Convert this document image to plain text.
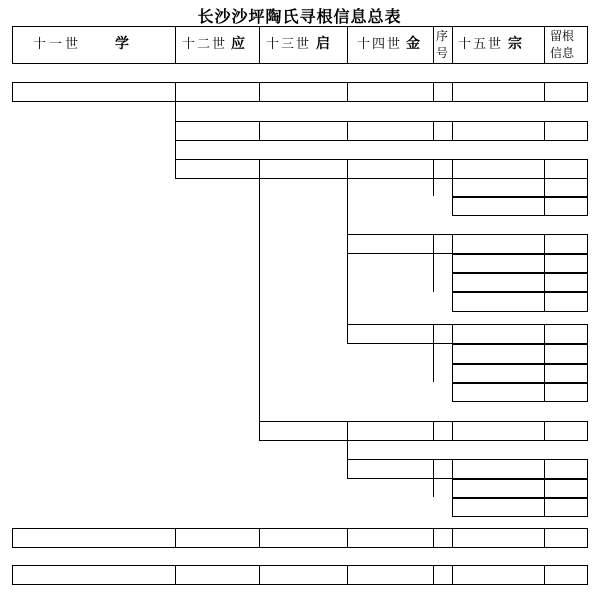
长沙沙坪陶氏寻根信息总表
十一世 学	十二世 应 十三世 启 十四世 金 序
号
十五世 宗 留根
信息
